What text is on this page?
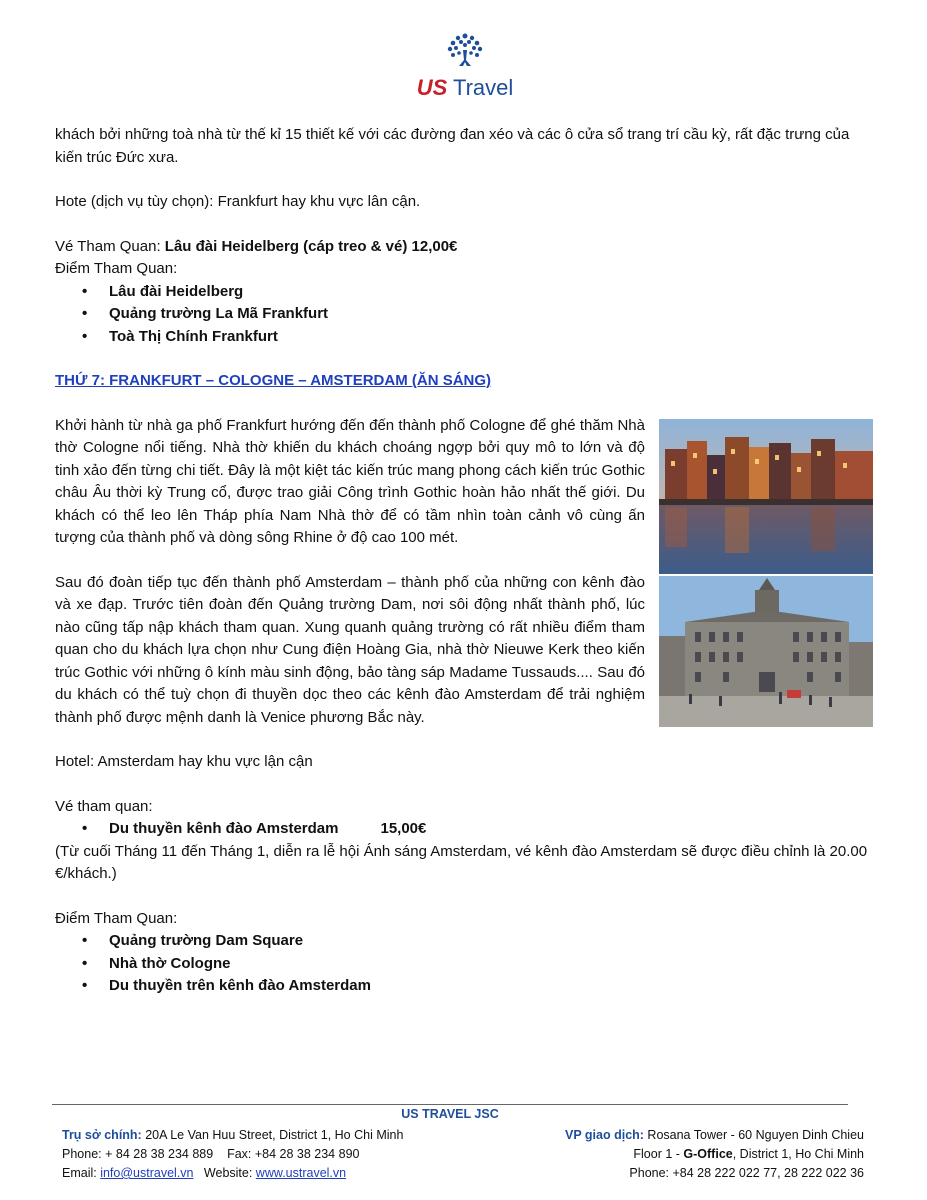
US Travel

khách bởi những toà nhà từ thế kỉ 15 thiết kế với các đường đan xéo và các ô cửa sổ trang trí cầu kỳ, rất đặc trưng của kiến trúc Đức xưa.

Hote (dịch vụ tùy chọn): Frankfurt hay khu vực lân cận.

Vé Tham Quan: Lâu đài Heidelberg (cáp treo & vé) 12,00€

Điểm Tham Quan:

• Lâu đài Heidelberg
• Quảng trường La Mã Frankfurt
• Toà Thị Chính Frankfurt

THỨ 7: FRANKFURT – COLOGNE – AMSTERDAM (ĂN SÁNG)

Khởi hành từ nhà ga phố Frankfurt hướng đến đến thành phố Cologne để ghé thăm Nhà thờ Cologne nổi tiếng. Nhà thờ khiến du khách choáng ngợp bởi quy mô to lớn và độ tinh xảo đến từng chi tiết. Đây là một kiệt tác kiến trúc mang phong cách kiến trúc Gothic châu Âu thời kỳ Trung cổ, được trao giải Công trình Gothic hoàn hảo nhất thế giới. Du khách có thể leo lên Tháp phía Nam Nhà thờ để có tầm nhìn toàn cảnh vô cùng ấn tượng của thành phố và dòng sông Rhine ở độ cao 100 mét.

Sau đó đoàn tiếp tục đến thành phố Amsterdam – thành phố của những con kênh đào và xe đạp. Trước tiên đoàn đến Quảng trường Dam, nơi sôi động nhất thành phố, lúc nào cũng tấp nập khách tham quan. Xung quanh quảng trường có rất nhiều điểm tham quan cho du khách lựa chọn như Cung điện Hoàng Gia, nhà thờ Nieuwe Kerk theo kiến trúc Gothic với những ô kính màu sinh động, bảo tàng sáp Madame Tussauds.... Sau đó du khách có thể tuỳ chọn đi thuyền dọc theo các kênh đào Amsterdam để trải nghiệm thành phố được mệnh danh là Venice phương Bắc này.

Hotel: Amsterdam hay khu vực lận cận

Vé tham quan:

• Du thuyền kênh đào Amsterdam	15,00€

(Từ cuối Tháng 11 đến Tháng 1, diễn ra lễ hội Ánh sáng Amsterdam, vé kênh đào Amsterdam sẽ được điều chỉnh là 20.00 €/khách.)

Điểm Tham Quan:

• Quảng trường Dam Square
• Nhà thờ Cologne
• Du thuyền trên kênh đào Amsterdam
US TRAVEL JSC
Trụ sở chính: 20A Le Van Huu Street, District 1, Ho Chi Minh
Phone: + 84 28 38 234 889    Fax: +84 28 38 234 890
Email: info@ustravel.vn   Website: www.ustravel.vn
VP giao dịch: Rosana Tower - 60 Nguyen Dinh Chieu
Floor 1 - G-Office, District 1, Ho Chi Minh
Phone: +84 28 222 022 77, 28 222 022 36
